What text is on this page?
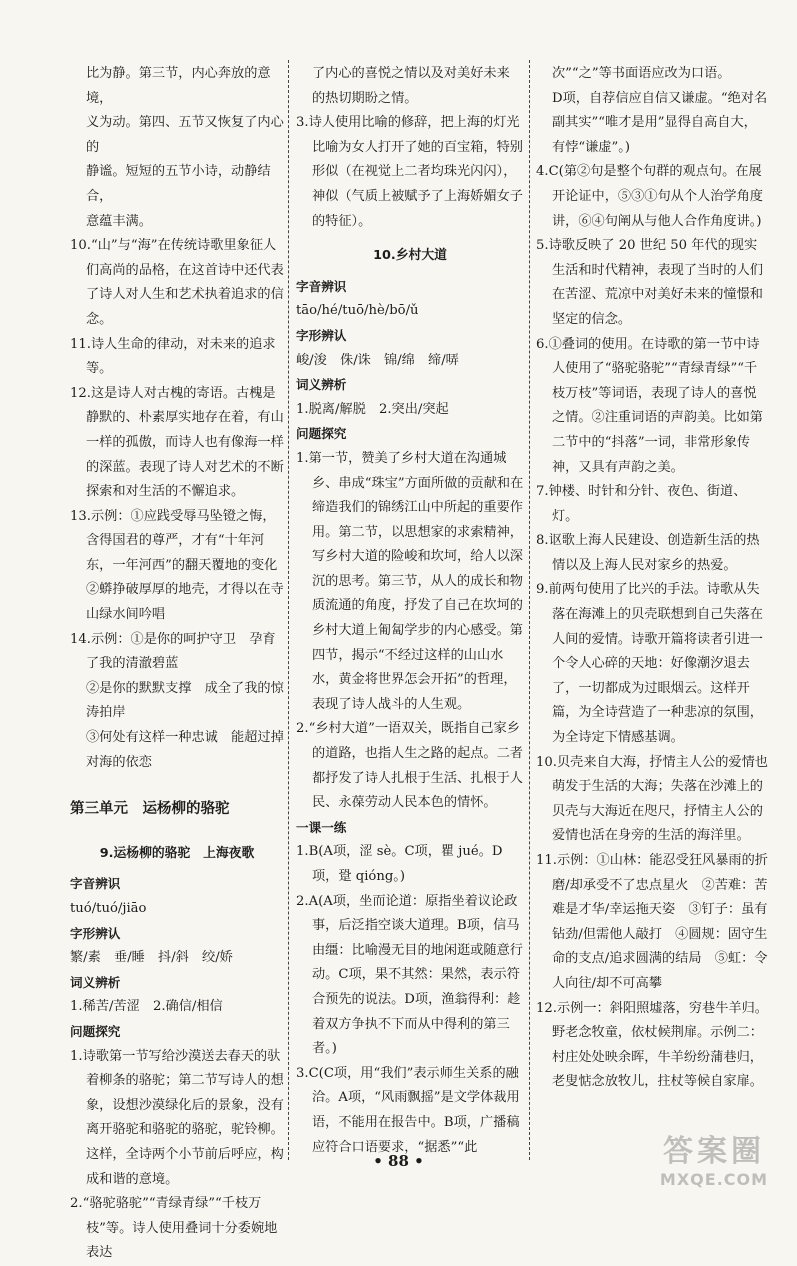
比为静。第三节，内心奔放的意境，

义为动。第四、五节又恢复了内心的

静谧。短短的五节小诗，动静结合，

意蕴丰满。

10.“山”与“海”在传统诗歌里象征人们高尚的品格，在这首诗中还代表了诗人对人生和艺术执着追求的信念。

11.诗人生命的律动，对未来的追求等。

12.这是诗人对古槐的寄语。古槐是静默的、朴素厚实地存在着，有山一样的孤傲，而诗人也有像海一样的深蓝。表现了诗人对艺术的不断探索和对生活的不懈追求。

13.示例：①应践受辱马坠镫之悔，含得国君的尊严，才有“十年河东，一年河西”的翻天覆地的变化　②蟒挣破厚厚的地壳，才得以在寺山绿水间吟唱

14.示例：①是你的呵护守卫　孕育了我的清澈碧蓝

②是你的默默支撑　成全了我的惊涛拍岸

③何处有这样一种忠诚　能超过掉对海的依恋

第三单元　运杨柳的骆驼
9.运杨柳的骆驼　上海夜歌
字音辨识

tuó/tuó/jiāo

字形辨认

繁/素　垂/睡　抖/斜　绞/娇

词义辨析

1.稀苦/苦涩　2.确信/相信

问题探究

1.诗歌第一节写给沙漠送去春天的驮着柳条的骆驼；第二节写诗人的想象，设想沙漠绿化后的景象，没有离开骆驼和骆驼的骆驼，驼铃柳。这样，全诗两个小节前后呼应，构成和谐的意境。

2.“骆驼骆驼”“青绿青绿”“千枝万枝”等。诗人使用叠词十分委婉地表达

了内心的喜悦之情以及对美好未来

的热切期盼之情。

3.诗人使用比喻的修辞，把上海的灯光比喻为女人打开了她的百宝箱，特别形似（在视觉上二者均珠光闪闪），神似（气质上被赋予了上海娇媚女子的特征）。

10.乡村大道
字音辨识

tāo/hé/tuō/hè/bō/ǔ

字形辨认

峻/浚　侏/诛　锦/绵　缔/哢

词义辨析

1.脱离/解脱　2.突出/突起

问题探究

1.第一节，赞美了乡村大道在沟通城乡、串成“珠宝”方面所做的贡献和在缔造我们的锦绣江山中所起的重要作用。第二节，以思想家的求索精神，写乡村大道的险峻和坎坷，给人以深沉的思考。第三节，从人的成长和物质流通的角度，抒发了自己在坎坷的乡村大道上匍匐学步的内心感受。第四节，揭示“不经过这样的山山水水，黄金将世界怎会开拓”的哲理，表现了诗人战斗的人生观。

2.“乡村大道”一语双关，既指自己家乡的道路，也指人生之路的起点。二者都抒发了诗人扎根于生活、扎根于人民、永葆劳动人民本色的情怀。

一课一练

1.B(A项，涩 sè。C项，瞿 jué。D项，跫 qióng。)

2.A(A项，坐而论道：原指坐着议论政事，后泛指空谈大道理。B项，信马由缰：比喻漫无目的地闲逛或随意行动。C项，果不其然：果然，表示符合预先的说法。D项，渔翁得利：趁着双方争执不下而从中得利的第三者。)

3.C(C项，用“我们”表示师生关系的融洽。A项，“风雨飘摇”是文学体裁用语，不能用在报告中。B项，广播稿应符合口语要求，“据悉”“此

次”“之”等书面语应改为口语。

D项，自荐信应自信又谦虚。“绝对名

副其实”“唯才是用”显得自高自大，

有悖“谦虚”。)

4.C(第②句是整个句群的观点句。在展开论证中，⑤③①句从个人治学角度讲，⑥④句阐从与他人合作角度讲。)

5.诗歌反映了 20 世纪 50 年代的现实生活和时代精神，表现了当时的人们在苦涩、荒凉中对美好未来的憧憬和坚定的信念。

6.①叠词的使用。在诗歌的第一节中诗人使用了“骆驼骆驼”“青绿青绿”“千枝万枝”等词语，表现了诗人的喜悦之情。②注重词语的声韵美。比如第二节中的“抖落”一词，非常形象传神，又具有声韵之美。

7.钟楼、时针和分针、夜色、街道、灯。

8.讴歌上海人民建设、创造新生活的热情以及上海人民对家乡的热爱。

9.前两句使用了比兴的手法。诗歌从失落在海滩上的贝壳联想到自己失落在人间的爱情。诗歌开篇将读者引进一个令人心碎的天地：好像潮汐退去了，一切都成为过眼烟云。这样开篇，为全诗营造了一种悲凉的氛围，为全诗定下情感基调。

10.贝壳来自大海，抒情主人公的爱情也萌发于生活的大海；失落在沙滩上的贝壳与大海近在咫尺，抒情主人公的爱情也活在身旁的生活的海洋里。

11.示例：①山林：能忍受狂风暴雨的折磨/却承受不了忠点星火　②苦难：苦难是才华/幸运拖天姿　③钉子：虽有钻劲/但需他人敲打　④圆规：固守生命的支点/追求圆满的结局　⑤虹：令人向往/却不可高攀

12.示例一：斜阳照墟落，穷巷牛羊归。野老念牧童，依杖候荆扉。示例二：村庄处处映余晖，牛羊纷纷蒲巷归，老叟惦念放牧儿，拄杖等候自家扉。

• 88 •	答案圈
MXQE.COM
